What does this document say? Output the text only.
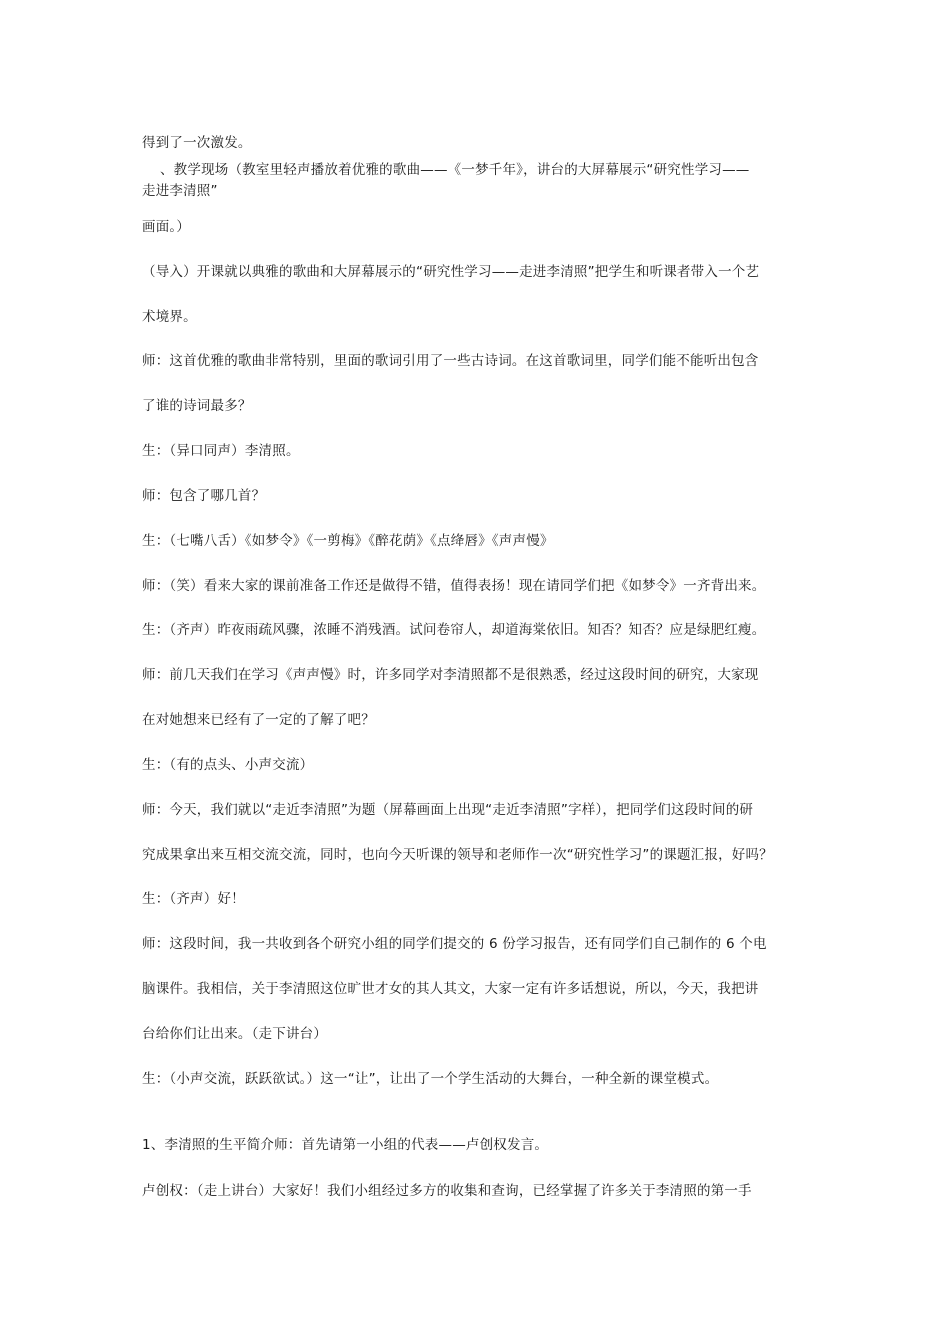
得到了一次激发。
、教学现场（教室里轻声播放着优雅的歌曲——《一梦千年》，讲台的大屏幕展示“研究性学习——
走进李清照”
画面。）
（导入）开课就以典雅的歌曲和大屏幕展示的“研究性学习——走进李清照”把学生和听课者带入一个艺
术境界。
师：这首优雅的歌曲非常特别，里面的歌词引用了一些古诗词。在这首歌词里，同学们能不能听出包含
了谁的诗词最多？
生：（异口同声）李清照。
师：包含了哪几首？
生：（七嘴八舌）《如梦令》《一剪梅》《醉花荫》《点绛唇》《声声慢》
师：（笑）看来大家的课前准备工作还是做得不错，值得表扬！现在请同学们把《如梦令》一齐背出来。
生：（齐声）昨夜雨疏风骤，浓睡不消残酒。试问卷帘人，却道海棠依旧。知否？知否？应是绿肥红瘦。
师：前几天我们在学习《声声慢》时，许多同学对李清照都不是很熟悉，经过这段时间的研究，大家现
在对她想来已经有了一定的了解了吧？
生：（有的点头、小声交流）
师：今天，我们就以“走近李清照”为题（屏幕画面上出现“走近李清照”字样），把同学们这段时间的研
究成果拿出来互相交流交流，同时，也向今天听课的领导和老师作一次“研究性学习”的课题汇报，好吗？
生：（齐声）好！
师：这段时间，我一共收到各个研究小组的同学们提交的 6 份学习报告，还有同学们自己制作的 6 个电
脑课件。我相信，关于李清照这位旷世才女的其人其文，大家一定有许多话想说，所以，今天，我把讲
台给你们让出来。（走下讲台）
生：（小声交流，跃跃欲试。）这一“让”，让出了一个学生活动的大舞台，一种全新的课堂模式。
1、李清照的生平简介师：首先请第一小组的代表——卢创权发言。
卢创权：（走上讲台）大家好！我们小组经过多方的收集和查询，已经掌握了许多关于李清照的第一手
